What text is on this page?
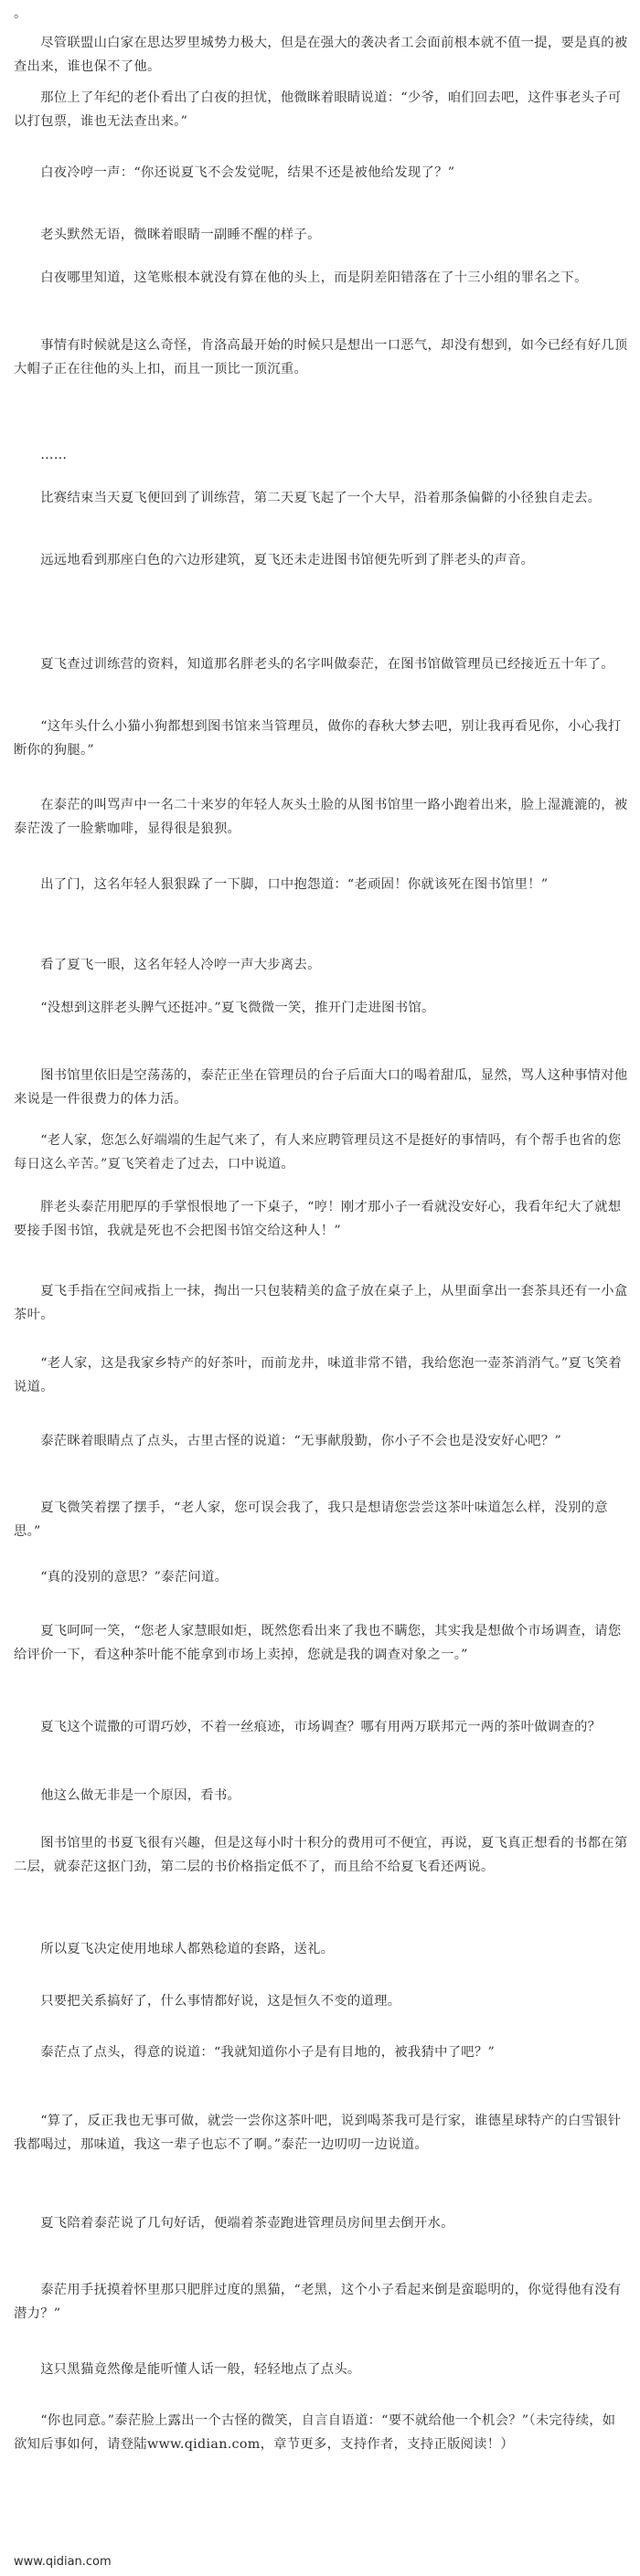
。

　　尽管联盟山白家在思达罗里城势力极大，但是在强大的袭决者工会面前根本就不值一提，要是真的被查出来，谁也保不了他。

　　那位上了年纪的老仆看出了白夜的担忧，他微眯着眼睛说道：“少爷，咱们回去吧，这件事老头子可以打包票，谁也无法查出来。”

　　白夜冷哼一声：“你还说夏飞不会发觉呢，结果不还是被他给发现了？”

　　老头默然无语，微眯着眼睛一副睡不醒的样子。

　　白夜哪里知道，这笔账根本就没有算在他的头上，而是阴差阳错落在了十三小组的罪名之下。

　　事情有时候就是这么奇怪，肯洛高最开始的时候只是想出一口恶气，却没有想到，如今已经有好几顶大帽子正在往他的头上扣，而且一顶比一顶沉重。

　　……

　　比赛结束当天夏飞便回到了训练营，第二天夏飞起了一个大早，沿着那条偏僻的小径独自走去。

　　远远地看到那座白色的六边形建筑，夏飞还未走进图书馆便先听到了胖老头的声音。

　　夏飞查过训练营的资料，知道那名胖老头的名字叫做泰茫，在图书馆做管理员已经接近五十年了。

　　“这年头什么小猫小狗都想到图书馆来当管理员，做你的春秋大梦去吧，别让我再看见你，小心我打断你的狗腿。”

　　在泰茫的叫骂声中一名二十来岁的年轻人灰头土脸的从图书馆里一路小跑着出来，脸上湿漉漉的，被泰茫泼了一脸紫咖啡，显得很是狼狈。

　　出了门，这名年轻人狠狠跺了一下脚，口中抱怨道：“老顽固！你就该死在图书馆里！”

　　看了夏飞一眼，这名年轻人冷哼一声大步离去。

　　“没想到这胖老头脾气还挺冲。”夏飞微微一笑，推开门走进图书馆。

　　图书馆里依旧是空荡荡的，泰茫正坐在管理员的台子后面大口的喝着甜瓜，显然，骂人这种事情对他来说是一件很费力的体力活。

　　“老人家，您怎么好端端的生起气来了，有人来应聘管理员这不是挺好的事情吗，有个帮手也省的您每日这么辛苦。”夏飞笑着走了过去，口中说道。

　　胖老头泰茫用肥厚的手掌恨恨地了一下桌子，“哼！刚才那小子一看就没安好心，我看年纪大了就想要接手图书馆，我就是死也不会把图书馆交给这种人！”

　　夏飞手指在空间戒指上一抹，掏出一只包装精美的盒子放在桌子上，从里面拿出一套茶具还有一小盒茶叶。

　　“老人家，这是我家乡特产的好茶叶，而前龙井，味道非常不错，我给您泡一壶茶消消气。”夏飞笑着说道。

　　泰茫眯着眼睛点了点头，古里古怪的说道：“无事献殷勤，你小子不会也是没安好心吧？”

　　夏飞微笑着摆了摆手，“老人家，您可误会我了，我只是想请您尝尝这茶叶味道怎么样，没别的意思。”

　　“真的没别的意思？”泰茫问道。

　　夏飞呵呵一笑，“您老人家慧眼如炬，既然您看出来了我也不瞒您，其实我是想做个市场调查，请您给评价一下，看这种茶叶能不能拿到市场上卖掉，您就是我的调查对象之一。”

　　夏飞这个谎撒的可谓巧妙，不着一丝痕迹，市场调查？哪有用两万联邦元一两的茶叶做调查的？

　　他这么做无非是一个原因，看书。

　　图书馆里的书夏飞很有兴趣，但是这每小时十积分的费用可不便宜，再说，夏飞真正想看的书都在第二层，就泰茫这抠门劲，第二层的书价格指定低不了，而且给不给夏飞看还两说。

　　所以夏飞决定使用地球人都熟稔道的套路，送礼。

　　只要把关系搞好了，什么事情都好说，这是恒久不变的道理。

　　泰茫点了点头，得意的说道：“我就知道你小子是有目地的，被我猜中了吧？”

　　“算了，反正我也无事可做，就尝一尝你这茶叶吧，说到喝茶我可是行家，谁德星球特产的白雪银针我都喝过，那味道，我这一辈子也忘不了啊。”泰茫一边叨叨一边说道。

　　夏飞陪着泰茫说了几句好话，便端着茶壶跑进管理员房间里去倒开水。

　　泰茫用手抚摸着怀里那只肥胖过度的黑猫，“老黑，这个小子看起来倒是蛮聪明的，你觉得他有没有潜力？”

　　这只黑猫竟然像是能听懂人话一般，轻轻地点了点头。

　　“你也同意。”泰茫脸上露出一个古怪的微笑，自言自语道：“要不就给他一个机会？”（未完待续，如欲知后事如何，请登陆www.qidian.com，章节更多，支持作者，支持正版阅读！）

www.qidian.com
